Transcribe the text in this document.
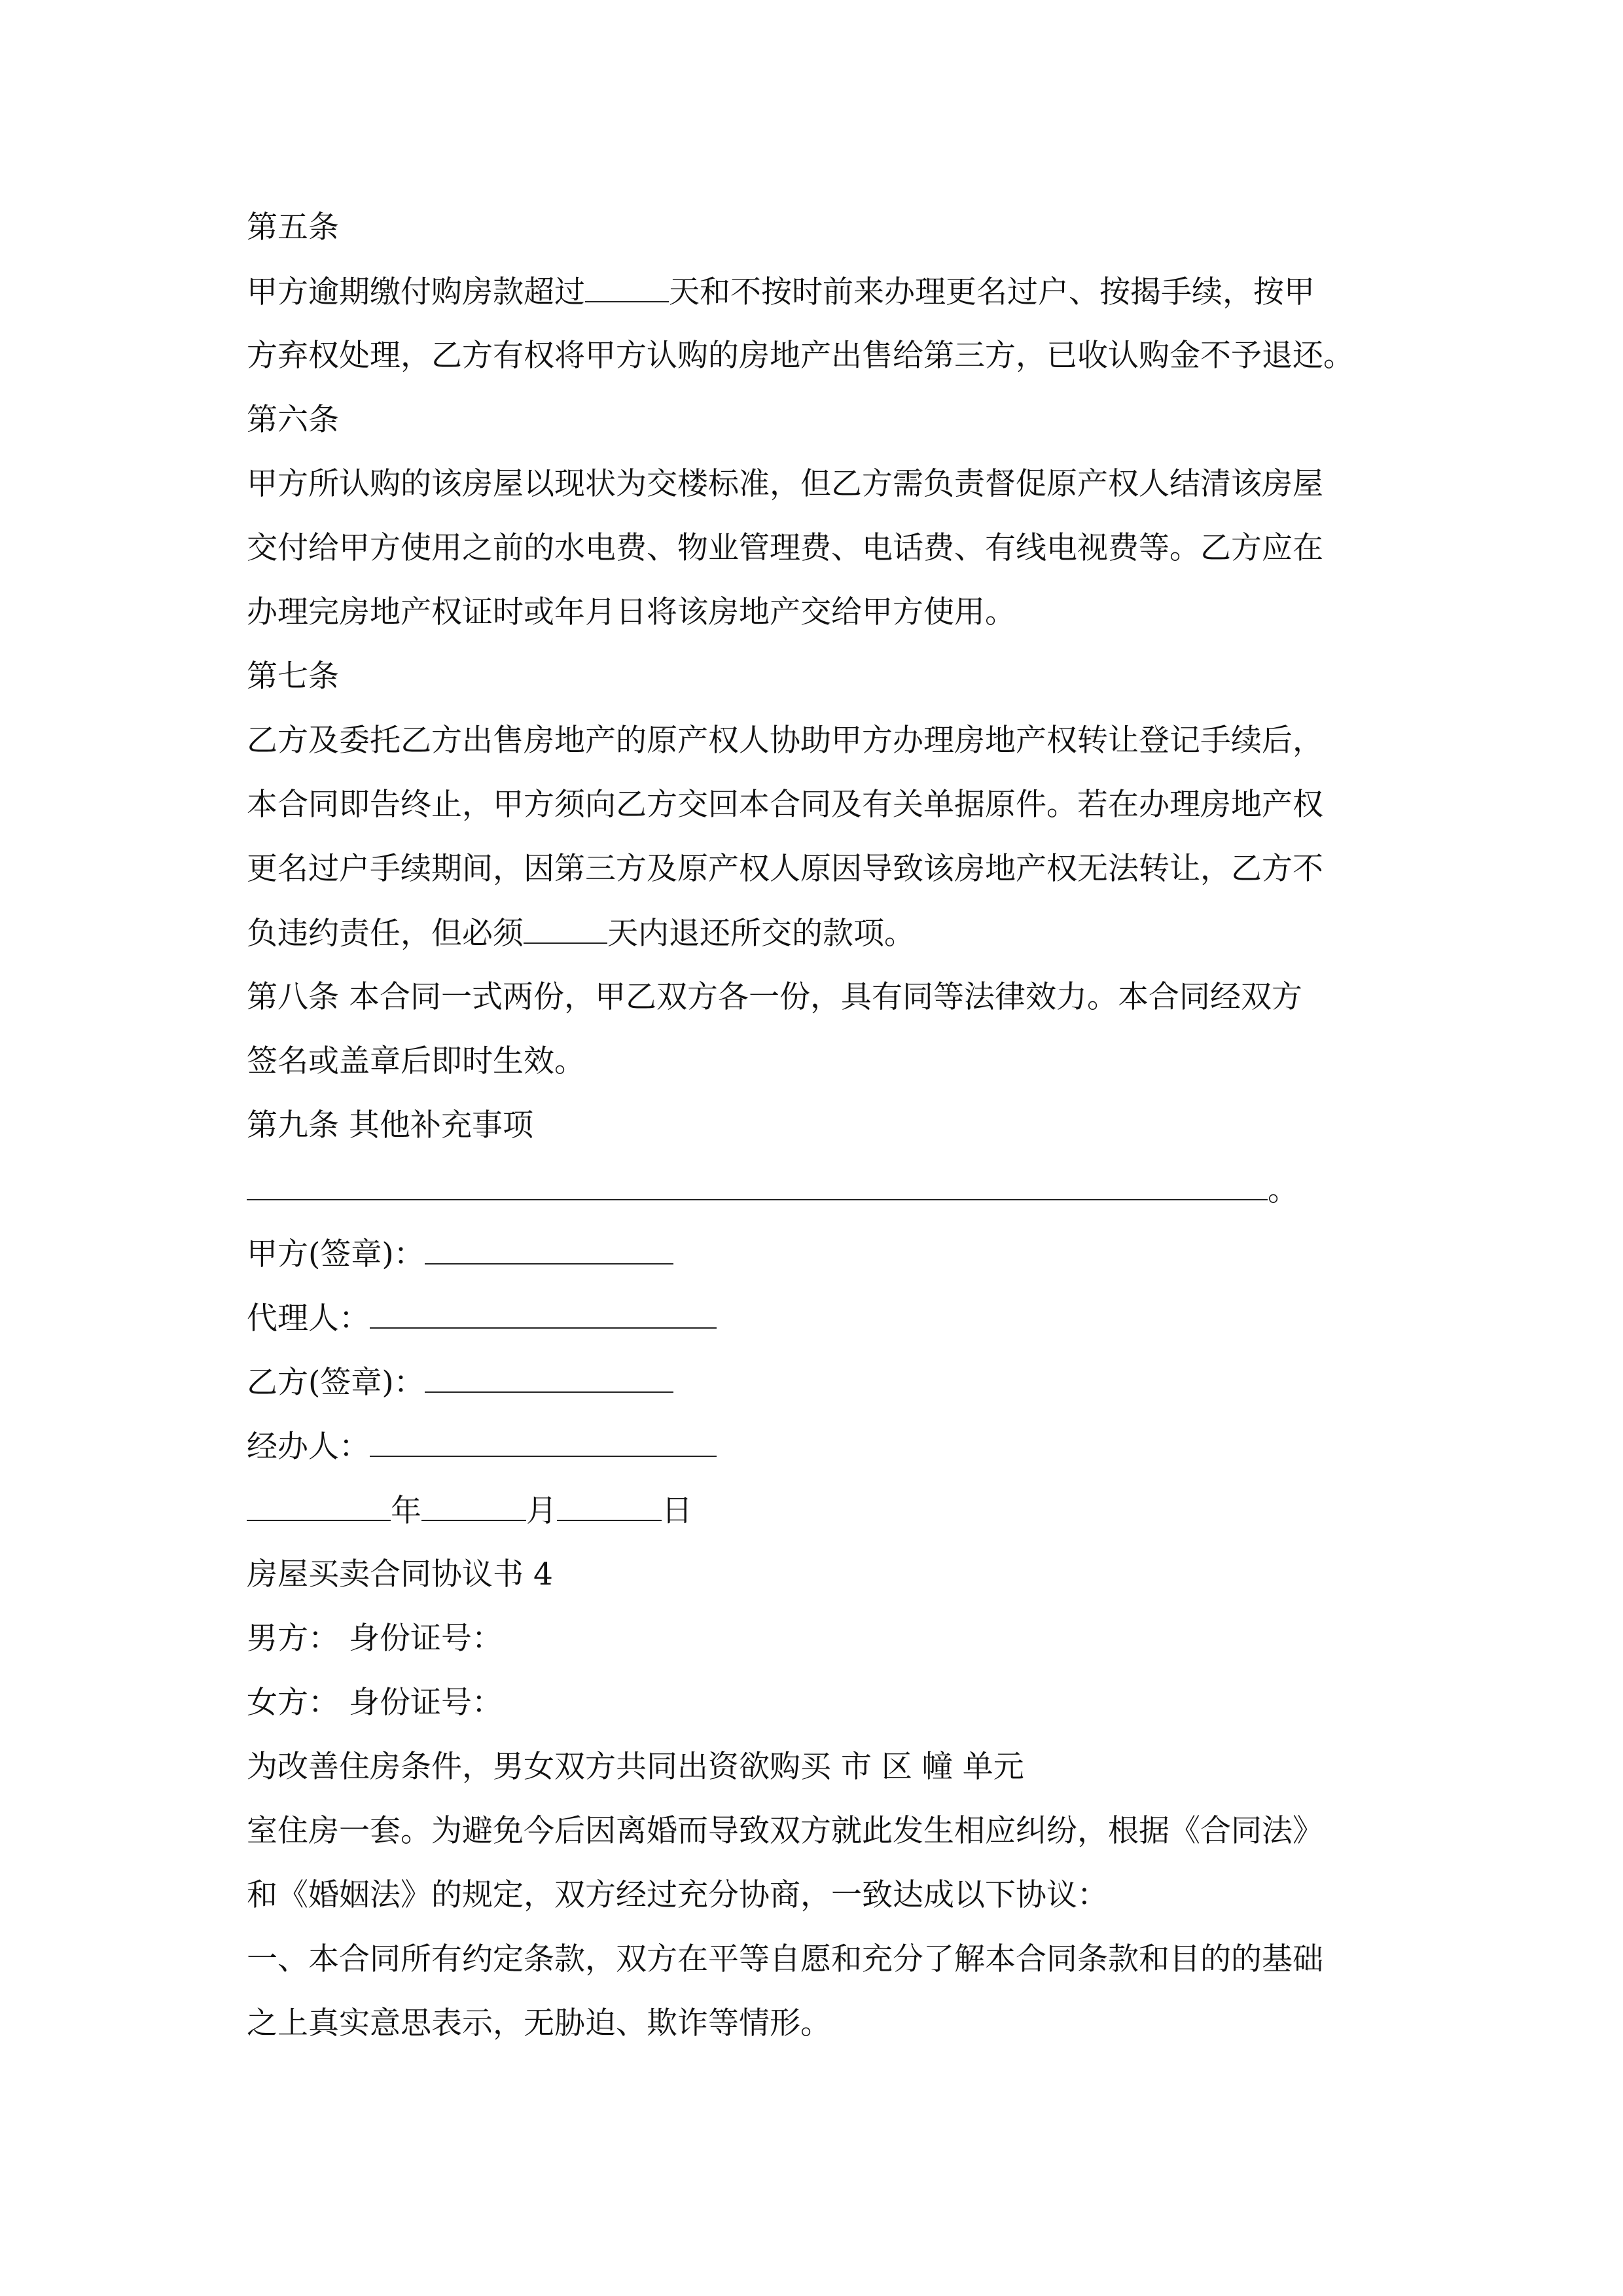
第五条
甲方逾期缴付购房款超过	天和不按时前来办理更名过户、按揭手续，按甲
方弃权处理，乙方有权将甲方认购的房地产出售给第三方，已收认购金不予退还。
第六条
甲方所认购的该房屋以现状为交楼标准，但乙方需负责督促原产权人结清该房屋
交付给甲方使用之前的水电费、物业管理费、电话费、有线电视费等。乙方应在
办理完房地产权证时或年月日将该房地产交给甲方使用。
第七条
乙方及委托乙方出售房地产的原产权人协助甲方办理房地产权转让登记手续后，
本合同即告终止，甲方须向乙方交回本合同及有关单据原件。若在办理房地产权
更名过户手续期间，因第三方及原产权人原因导致该房地产权无法转让，乙方不
负违约责任，但必须	天内退还所交的款项。
第八条 本合同一式两份，甲乙双方各一份，具有同等法律效力。本合同经双方
签名或盖章后即时生效。
第九条 其他补充事项
。
甲方(签章)：
代理人：
乙方(签章)：
经办人：
年	月	日
房屋买卖合同协议书 4
男方： 身份证号：
女方： 身份证号：
为改善住房条件，男女双方共同出资欲购买 市 区 幢 单元
室住房一套。为避免今后因离婚而导致双方就此发生相应纠纷，根据《合同法》
和《婚姻法》的规定，双方经过充分协商，一致达成以下协议：
一、本合同所有约定条款，双方在平等自愿和充分了解本合同条款和目的的基础
之上真实意思表示，无胁迫、欺诈等情形。
